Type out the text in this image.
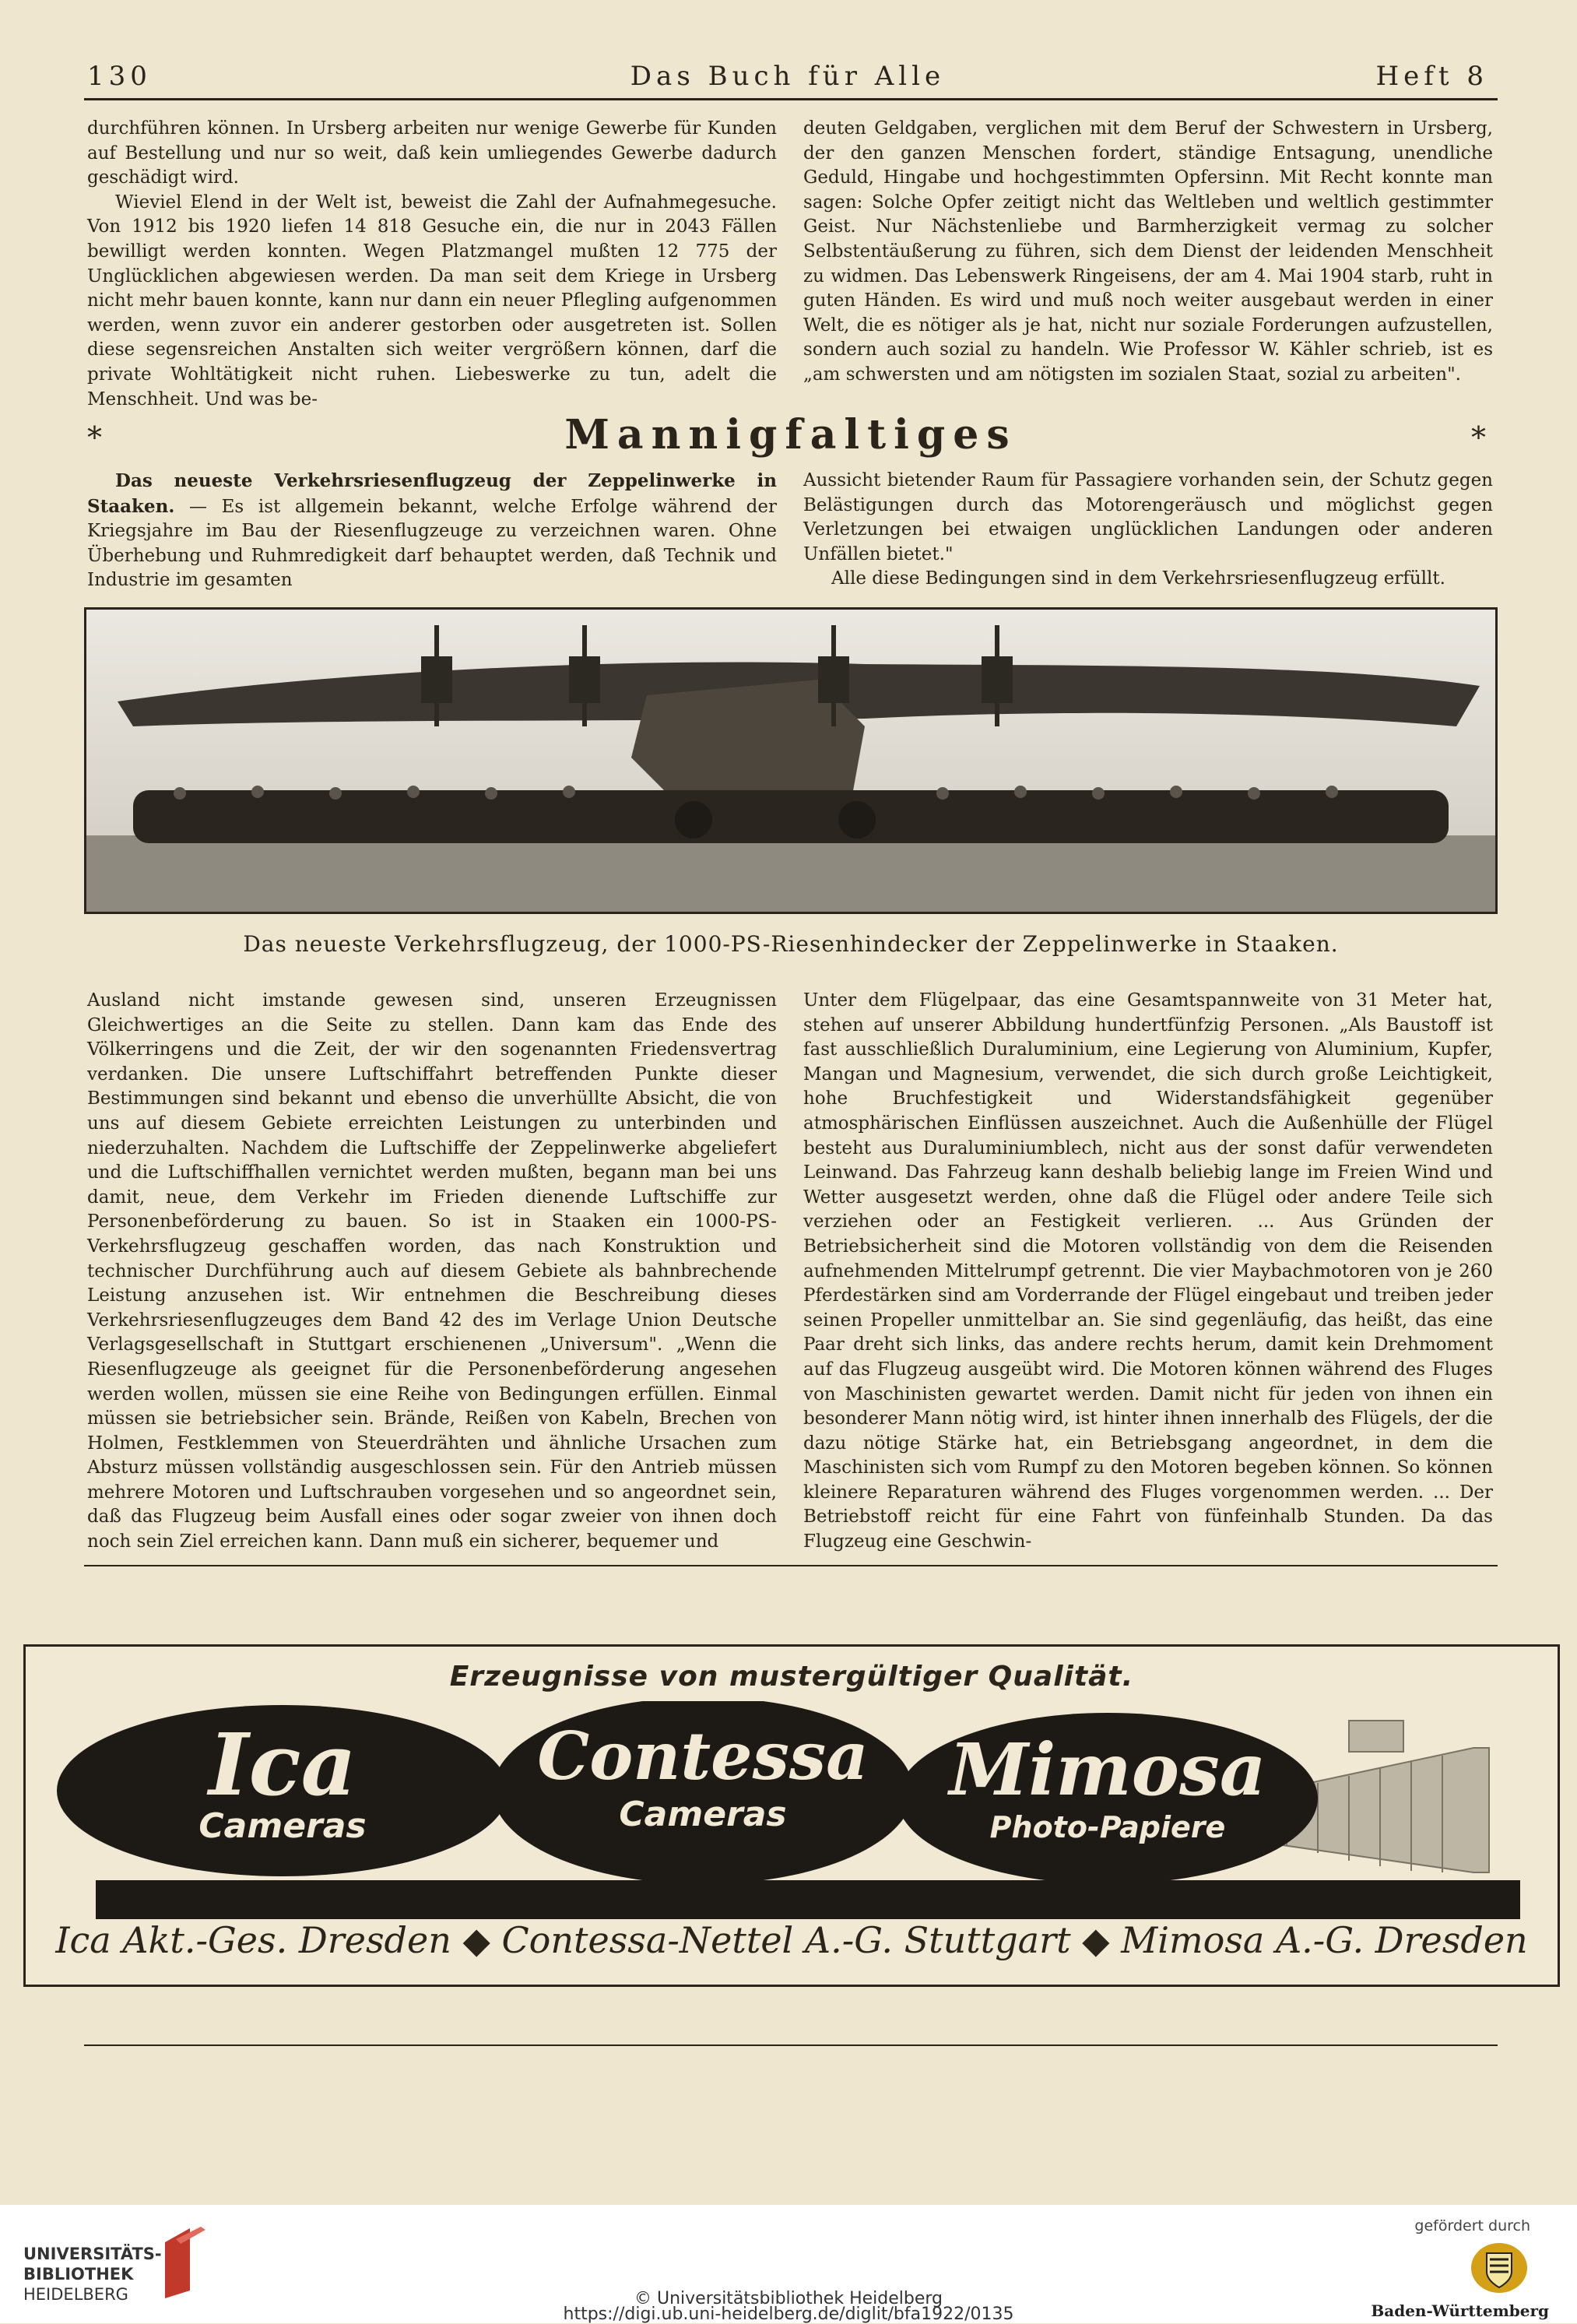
130	Das Buch für Alle	Heft 8

durchführen können. In Ursberg arbeiten nur wenige Gewerbe für Kunden auf Bestellung und nur so weit, daß kein umliegendes Gewerbe dadurch geschädigt wird.

Wieviel Elend in der Welt ist, beweist die Zahl der Aufnahmegesuche. Von 1912 bis 1920 liefen 14 818 Gesuche ein, die nur in 2043 Fällen bewilligt werden konnten. Wegen Platzmangel mußten 12 775 der Unglücklichen abgewiesen werden. Da man seit dem Kriege in Ursberg nicht mehr bauen konnte, kann nur dann ein neuer Pflegling aufgenommen werden, wenn zuvor ein anderer gestorben oder ausgetreten ist. Sollen diese segensreichen Anstalten sich weiter vergrößern können, darf die private Wohltätigkeit nicht ruhen. Liebeswerke zu tun, adelt die Menschheit. Und was be-

deuten Geldgaben, verglichen mit dem Beruf der Schwestern in Ursberg, der den ganzen Menschen fordert, ständige Entsagung, unendliche Geduld, Hingabe und hochgestimmten Opfersinn. Mit Recht konnte man sagen: Solche Opfer zeitigt nicht das Weltleben und weltlich gestimmter Geist. Nur Nächstenliebe und Barmherzigkeit vermag zu solcher Selbstentäußerung zu führen, sich dem Dienst der leidenden Menschheit zu widmen. Das Lebenswerk Ringeisens, der am 4. Mai 1904 starb, ruht in guten Händen. Es wird und muß noch weiter ausgebaut werden in einer Welt, die es nötiger als je hat, nicht nur soziale Forderungen aufzustellen, sondern auch sozial zu handeln. Wie Professor W. Kähler schrieb, ist es „am schwersten und am nötigsten im sozialen Staat, sozial zu arbeiten".

*	Mannigfaltiges	*

Das neueste Verkehrsriesenflugzeug der Zeppelinwerke in Staaken. — Es ist allgemein bekannt, welche Erfolge während der Kriegsjahre im Bau der Riesenflugzeuge zu verzeichnen waren. Ohne Überhebung und Ruhmredigkeit darf behauptet werden, daß Technik und Industrie im gesamten

Aussicht bietender Raum für Passagiere vorhanden sein, der Schutz gegen Belästigungen durch das Motorengeräusch und möglichst gegen Verletzungen bei etwaigen unglücklichen Landungen oder anderen Unfällen bietet."

Alle diese Bedingungen sind in dem Verkehrsriesenflugzeug erfüllt.

Das neueste Verkehrsflugzeug, der 1000-PS-Riesenhindecker der Zeppelinwerke in Staaken.

Ausland nicht imstande gewesen sind, unseren Erzeugnissen Gleichwertiges an die Seite zu stellen. Dann kam das Ende des Völkerringens und die Zeit, der wir den sogenannten Friedensvertrag verdanken. Die unsere Luftschiffahrt betreffenden Punkte dieser Bestimmungen sind bekannt und ebenso die unverhüllte Absicht, die von uns auf diesem Gebiete erreichten Leistungen zu unterbinden und niederzuhalten. Nachdem die Luftschiffe der Zeppelinwerke abgeliefert und die Luftschiffhallen vernichtet werden mußten, begann man bei uns damit, neue, dem Verkehr im Frieden dienende Luftschiffe zur Personenbeförderung zu bauen. So ist in Staaken ein 1000-PS-Verkehrsflugzeug geschaffen worden, das nach Konstruktion und technischer Durchführung auch auf diesem Gebiete als bahnbrechende Leistung anzusehen ist. Wir entnehmen die Beschreibung dieses Verkehrsriesenflugzeuges dem Band 42 des im Verlage Union Deutsche Verlagsgesellschaft in Stuttgart erschienenen „Universum". „Wenn die Riesenflugzeuge als geeignet für die Personenbeförderung angesehen werden wollen, müssen sie eine Reihe von Bedingungen erfüllen. Einmal müssen sie betriebsicher sein. Brände, Reißen von Kabeln, Brechen von Holmen, Festklemmen von Steuerdrähten und ähnliche Ursachen zum Absturz müssen vollständig ausgeschlossen sein. Für den Antrieb müssen mehrere Motoren und Luftschrauben vorgesehen und so angeordnet sein, daß das Flugzeug beim Ausfall eines oder sogar zweier von ihnen doch noch sein Ziel erreichen kann. Dann muß ein sicherer, bequemer und

Unter dem Flügelpaar, das eine Gesamtspannweite von 31 Meter hat, stehen auf unserer Abbildung hundertfünfzig Personen. „Als Baustoff ist fast ausschließlich Duraluminium, eine Legierung von Aluminium, Kupfer, Mangan und Magnesium, verwendet, die sich durch große Leichtigkeit, hohe Bruchfestigkeit und Widerstandsfähigkeit gegenüber atmosphärischen Einflüssen auszeichnet. Auch die Außenhülle der Flügel besteht aus Duraluminiumblech, nicht aus der sonst dafür verwendeten Leinwand. Das Fahrzeug kann deshalb beliebig lange im Freien Wind und Wetter ausgesetzt werden, ohne daß die Flügel oder andere Teile sich verziehen oder an Festigkeit verlieren. ... Aus Gründen der Betriebsicherheit sind die Motoren vollständig von dem die Reisenden aufnehmenden Mittelrumpf getrennt. Die vier Maybachmotoren von je 260 Pferdestärken sind am Vorderrande der Flügel eingebaut und treiben jeder seinen Propeller unmittelbar an. Sie sind gegenläufig, das heißt, das eine Paar dreht sich links, das andere rechts herum, damit kein Drehmoment auf das Flugzeug ausgeübt wird. Die Motoren können während des Fluges von Maschinisten gewartet werden. Damit nicht für jeden von ihnen ein besonderer Mann nötig wird, ist hinter ihnen innerhalb des Flügels, der die dazu nötige Stärke hat, ein Betriebsgang angeordnet, in dem die Maschinisten sich vom Rumpf zu den Motoren begeben können. So können kleinere Reparaturen während des Fluges vorgenommen werden. ... Der Betriebstoff reicht für eine Fahrt von fünfeinhalb Stunden. Da das Flugzeug eine Geschwin-

Erzeugnisse von mustergültiger Qualität.
Ica
Cameras
Contessa
Cameras
Mimosa
Photo-Papiere
Ica Akt.-Ges. Dresden ◆ Contessa-Nettel A.-G. Stuttgart ◆ Mimosa A.-G. Dresden
UNIVERSITÄTS-
BIBLIOTHEK
HEIDELBERG	© Universitätsbibliothek Heidelberg
https://digi.ub.uni-heidelberg.de/diglit/bfa1922/0135
gefördert durch
Baden-Württemberg
